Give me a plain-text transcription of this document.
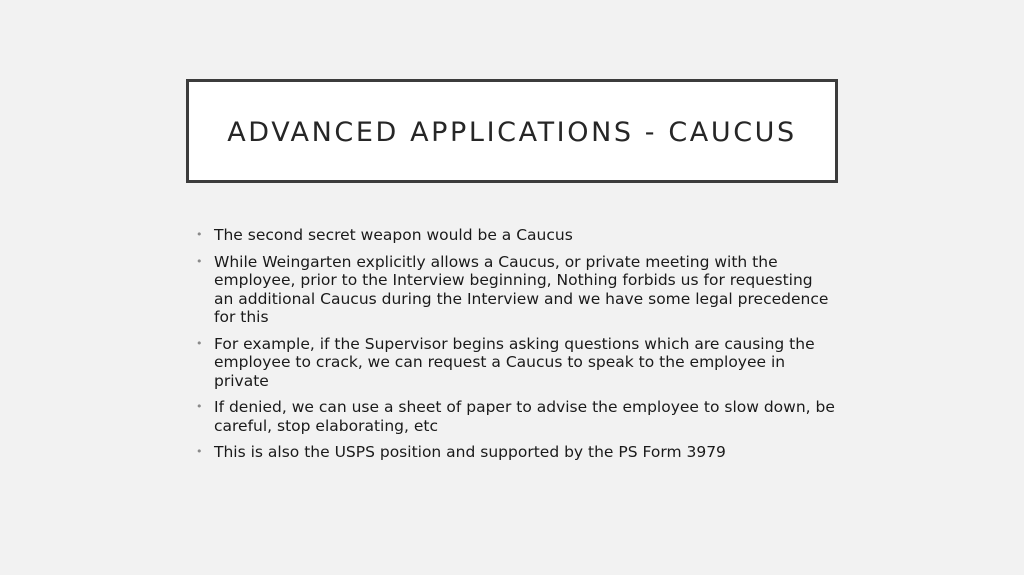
ADVANCED APPLICATIONS - CAUCUS
• The second secret weapon would be a Caucus
• While Weingarten explicitly allows a Caucus, or private meeting with the employee, prior to the Interview beginning, Nothing forbids us for requesting an additional Caucus during the Interview and we have some legal precedence for this
• For example, if the Supervisor begins asking questions which are causing the employee to crack, we can request a Caucus to speak to the employee in private
• If denied, we can use a sheet of paper to advise the employee to slow down, be careful, stop elaborating, etc
• This is also the USPS position and supported by the PS Form 3979
